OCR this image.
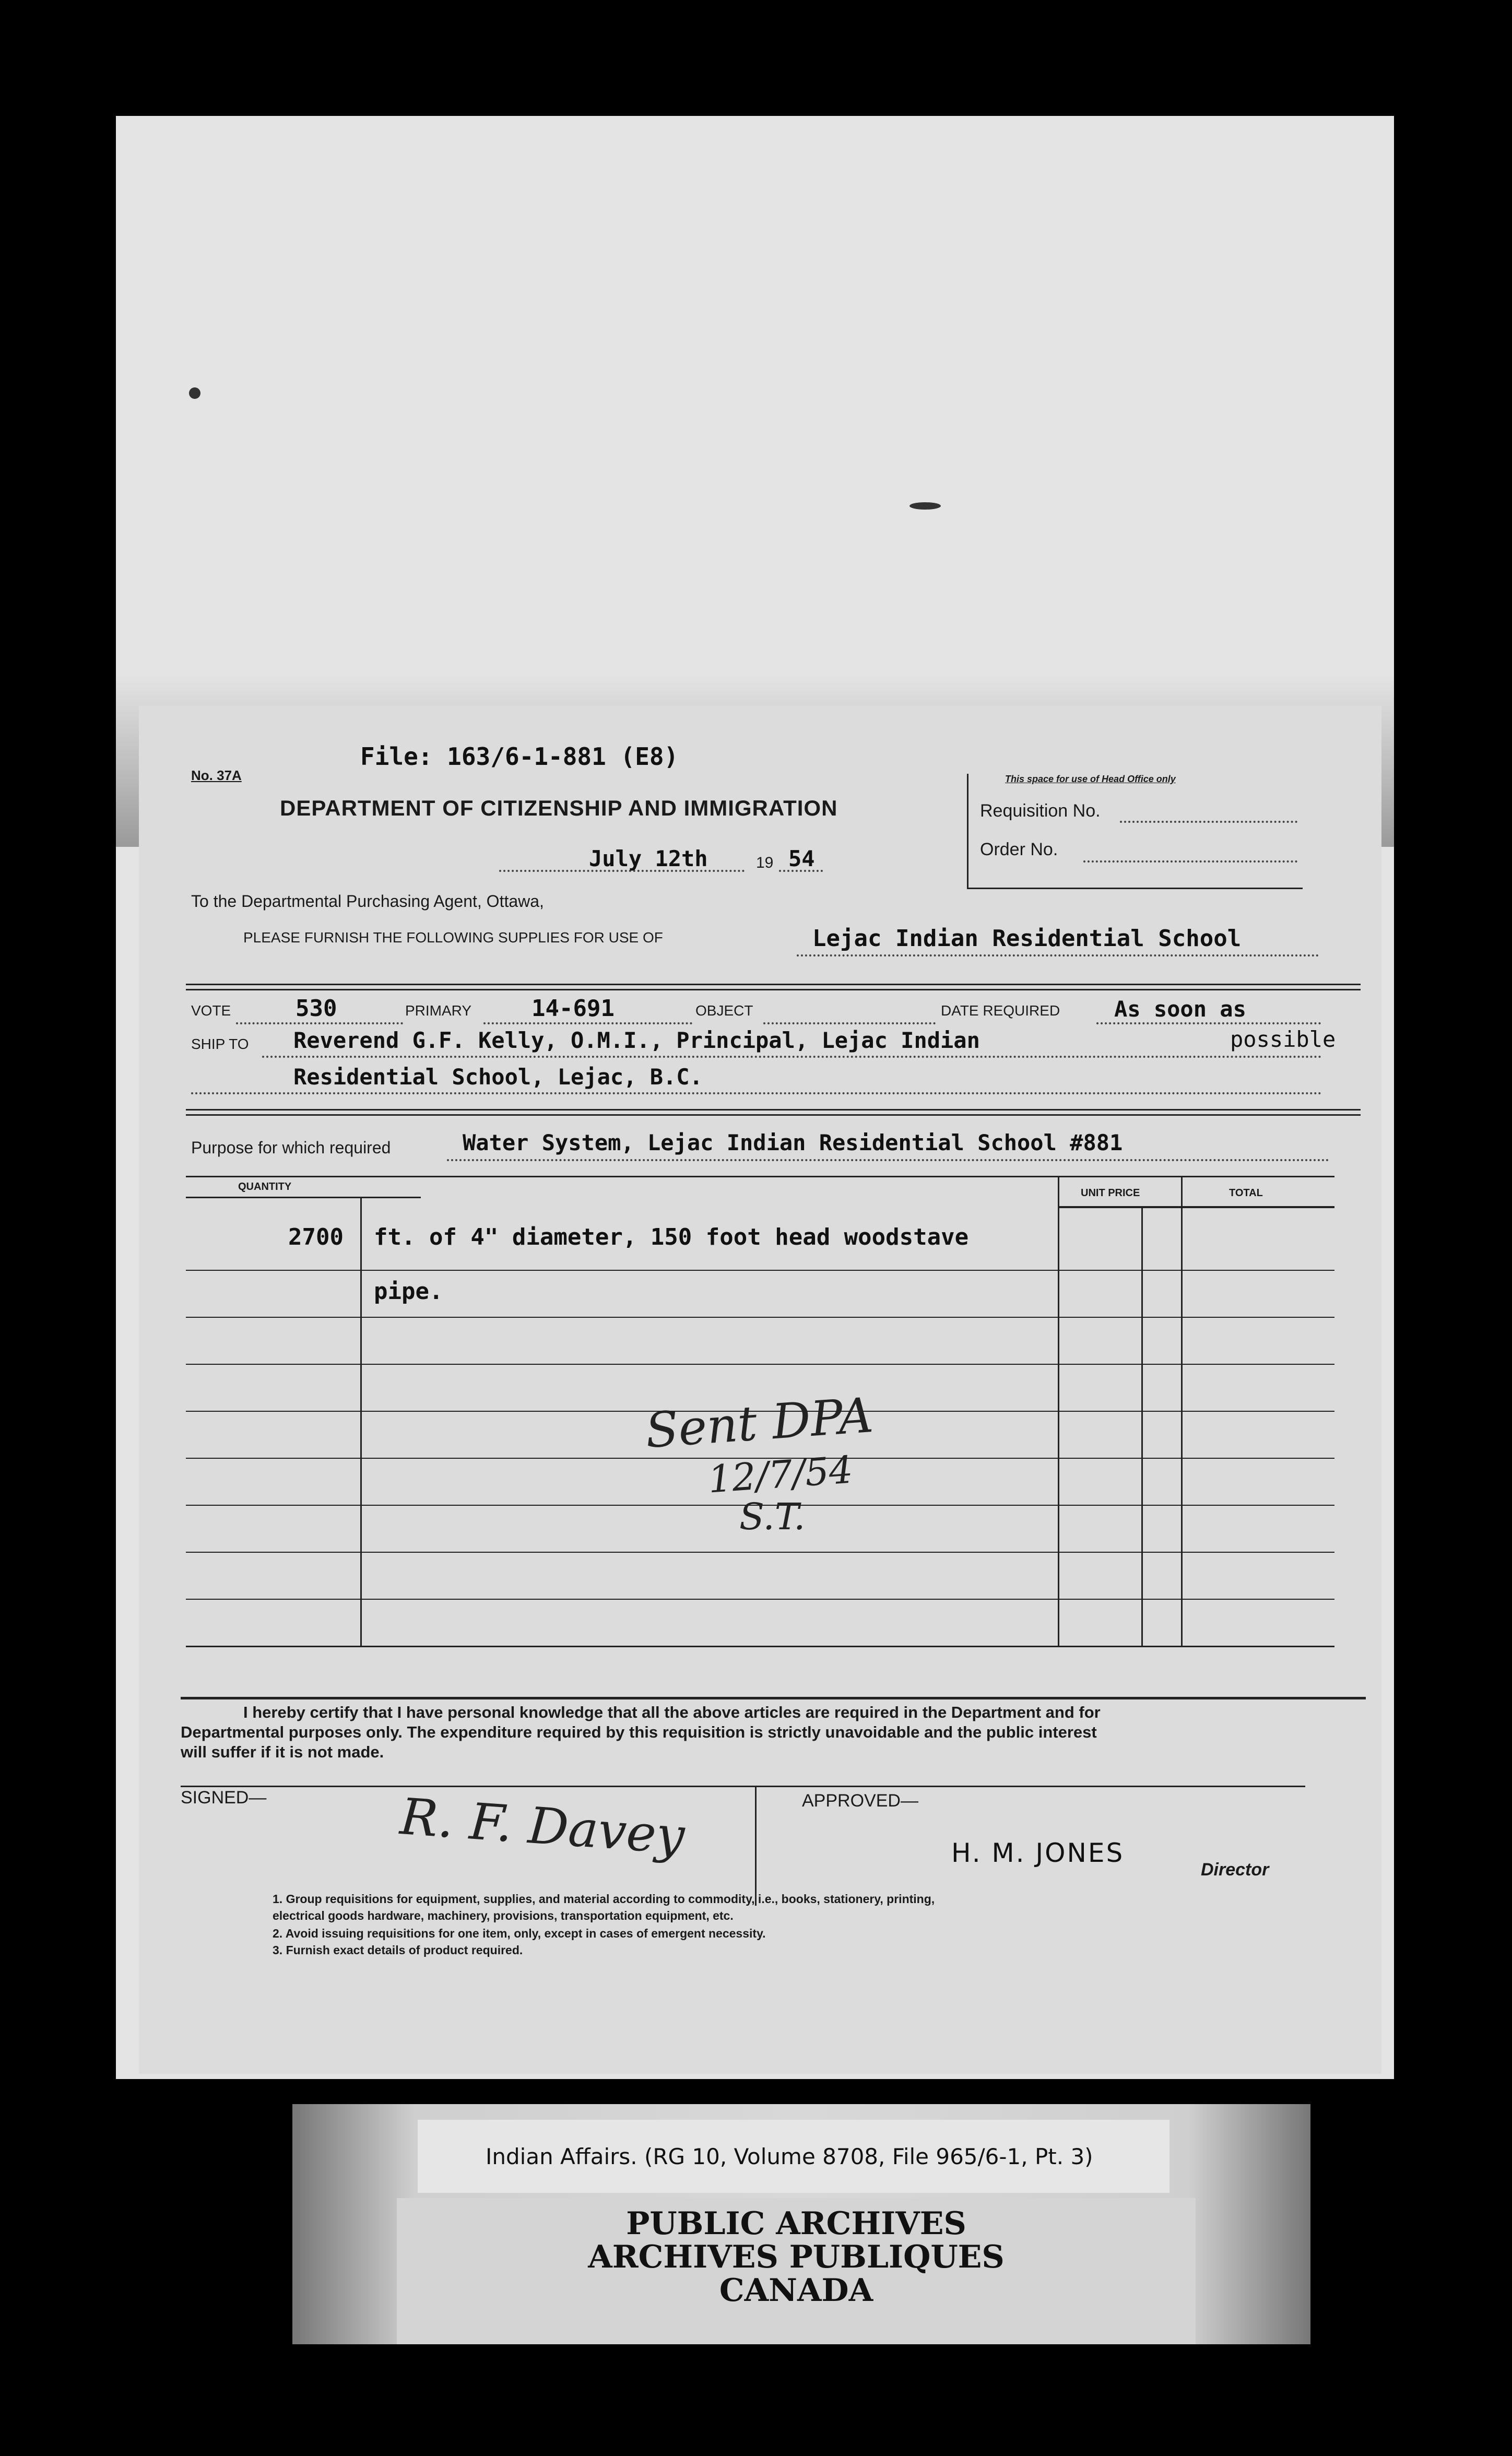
No. 37A
File: 163/6-1-881 (E8)
DEPARTMENT OF CITIZENSHIP AND IMMIGRATION
This space for use of Head Office only
Requisition No.
Order No.
July 12th	19 54
To the Departmental Purchasing Agent, Ottawa,
PLEASE FURNISH THE FOLLOWING SUPPLIES FOR USE OF	Lejac Indian Residential School
VOTE	530	PRIMARY	14-691	OBJECT	DATE REQUIRED As soon as
SHIP TO Reverend G.F. Kelly, O.M.I., Principal, Lejac Indian	possible
Residential School, Lejac, B.C.
Purpose for which required	Water System, Lejac Indian Residential School #881
QUANTITY
UNIT PRICE	TOTAL
2700 ft. of 4" diameter, 150 foot head woodstave
pipe.
Sent DPA
12/7/54
S.T.
I hereby certify that I have personal knowledge that all the above articles are required in the Department and for
Departmental purposes only. The expenditure required by this requisition is strictly unavoidable and the public interest
will suffer if it is not made.
SIGNED—	R. F. Davey	APPROVED—
H. M. JONES
Director
1. Group requisitions for equipment, supplies, and material according to commodity, i.e., books, stationery, printing,
electrical goods hardware, machinery, provisions, transportation equipment, etc.
2. Avoid issuing requisitions for one item, only, except in cases of emergent necessity.
3. Furnish exact details of product required.
Indian Affairs. (RG 10, Volume 8708, File 965/6-1, Pt. 3)
PUBLIC ARCHIVES
ARCHIVES PUBLIQUES
CANADA
